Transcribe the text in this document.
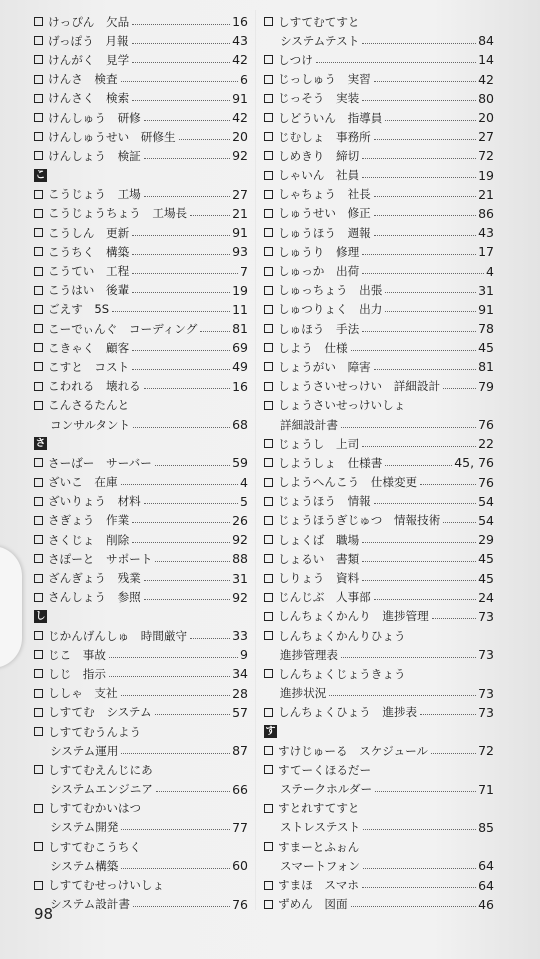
けっぴん　欠品	16
げっぽう　月報	43
けんがく　見学	42
けんさ　検査	6
けんさく　検索	91
けんしゅう　研修	42
けんしゅうせい　研修生	20
けんしょう　検証	92
こ
こうじょう　工場	27
こうじょうちょう　工場長	21
こうしん　更新	91
こうちく　構築	93
こうてい　工程	7
こうはい　後輩	19
ごえす　5S	11
こーでぃんぐ　コーディング	81
こきゃく　顧客	69
こすと　コスト	49
こわれる　壊れる	16
こんさるたんと
コンサルタント	68
さ
さーばー　サーバー	59
ざいこ　在庫	4
ざいりょう　材料	5
さぎょう　作業	26
さくじょ　削除	92
さぽーと　サポート	88
ざんぎょう　残業	31
さんしょう　参照	92
し
じかんげんしゅ　時間厳守	33
じこ　事故	9
しじ　指示	34
ししゃ　支社	28
しすてむ　システム	57
しすてむうんよう
システム運用	87
しすてむえんじにあ
システムエンジニア	66
しすてむかいはつ
システム開発	77
しすてむこうちく
システム構築	60
しすてむせっけいしょ
システム設計書	76
しすてむてすと
システムテスト	84
しつけ	14
じっしゅう　実習	42
じっそう　実装	80
しどういん　指導員	20
じむしょ　事務所	27
しめきり　締切	72
しゃいん　社員	19
しゃちょう　社長	21
しゅうせい　修正	86
しゅうほう　週報	43
しゅうり　修理	17
しゅっか　出荷	4
しゅっちょう　出張	31
しゅつりょく　出力	91
しゅほう　手法	78
しよう　仕様	45
しょうがい　障害	81
しょうさいせっけい　詳細設計	79
しょうさいせっけいしょ
詳細設計書	76
じょうし　上司	22
しようしょ　仕様書	45, 76
しようへんこう　仕様変更	76
じょうほう　情報	54
じょうほうぎじゅつ　情報技術	54
しょくば　職場	29
しょるい　書類	45
しりょう　資料	45
じんじぶ　人事部	24
しんちょくかんり　進捗管理	73
しんちょくかんりひょう
進捗管理表	73
しんちょくじょうきょう
進捗状況	73
しんちょくひょう　進捗表	73
す
すけじゅーる　スケジュール	72
すてーくほるだー
ステークホルダー	71
すとれすてすと
ストレステスト	85
すまーとふぉん
スマートフォン	64
すまほ　スマホ	64
ずめん　図面	46
98
